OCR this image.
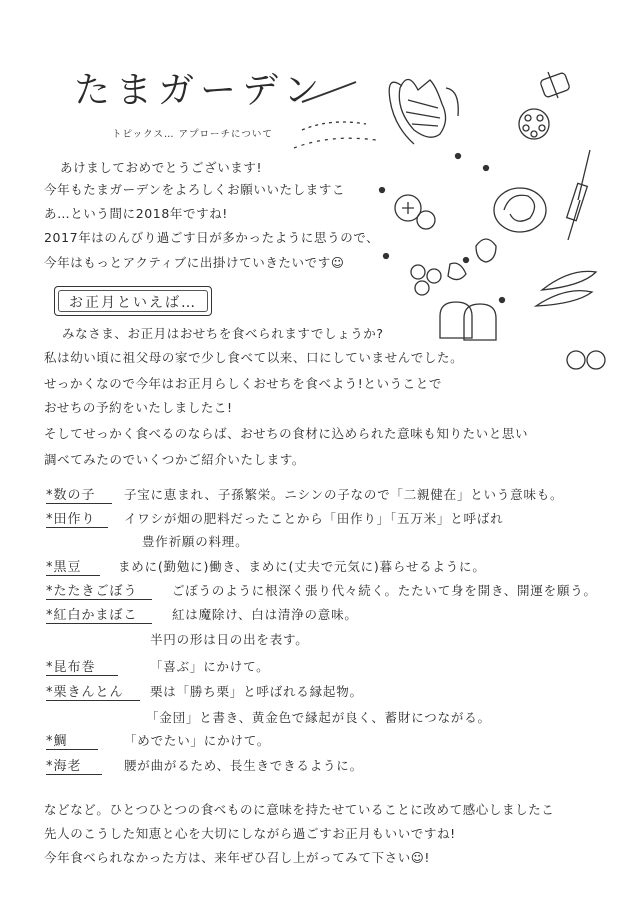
たまガーデン
トピックス… アプローチについて
あけましておめでとうございます!
今年もたまガーデンをよろしくお願いいたしますこ
あ…という間に2018年ですね!
2017年はのんびり過ごす日が多かったように思うので、
今年はもっとアクティブに出掛けていきたいです☺
お正月といえば…
みなさま、お正月はおせちを食べられますでしょうか?
私は幼い頃に祖父母の家で少し食べて以来、口にしていませんでした。
せっかくなので今年はお正月らしくおせちを食べよう!ということで
おせちの予約をいたしましたこ!
そしてせっかく食べるのならば、おせちの食材に込められた意味も知りたいと思い
調べてみたのでいくつかご紹介いたします。
*数の子 子宝に恵まれ、子孫繁栄。ニシンの子なので「二親健在」という意味も。
*田作り イワシが畑の肥料だったことから「田作り」「五万米」と呼ばれ
豊作祈願の料理。
*黒豆	まめに(勤勉に)働き、まめに(丈夫で元気に)暮らせるように。
*たたきごぼう	ごぼうのように根深く張り代々続く。たたいて身を開き、開運を願う。
*紅白かまぼこ	紅は魔除け、白は清浄の意味。
半円の形は日の出を表す。
*昆布巻	「喜ぶ」にかけて。
*栗きんとん 栗は「勝ち栗」と呼ばれる縁起物。
「金団」と書き、黄金色で縁起が良く、蓄財につながる。
*鯛	「めでたい」にかけて。
*海老	腰が曲がるため、長生きできるように。
などなど。ひとつひとつの食べものに意味を持たせていることに改めて感心しましたこ
先人のこうした知恵と心を大切にしながら過ごすお正月もいいですね!
今年食べられなかった方は、来年ぜひ召し上がってみて下さい☺!
